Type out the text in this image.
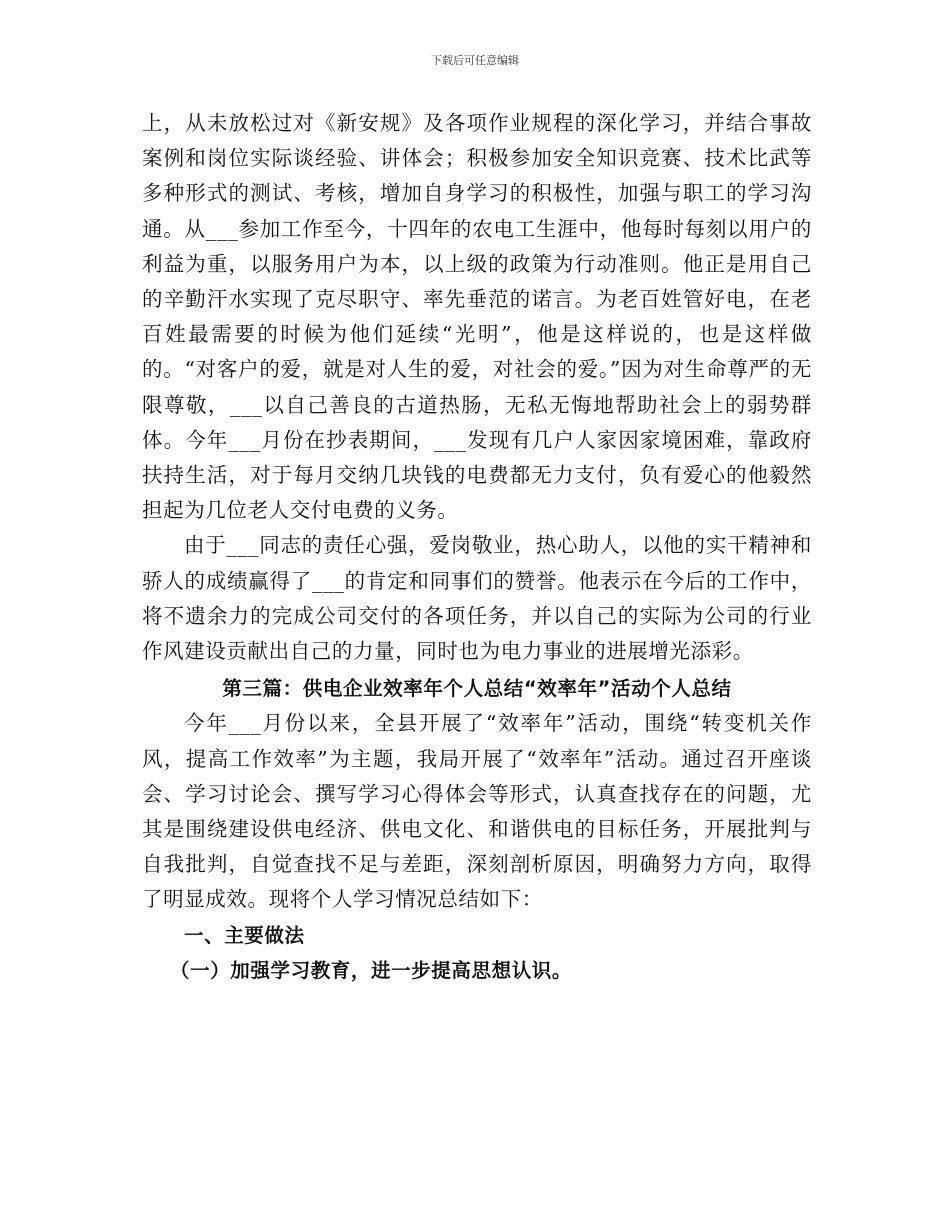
下载后可任意编辑

上，从未放松过对《新安规》及各项作业规程的深化学习，并结合事故案例和岗位实际谈经验、讲体会；积极参加安全知识竞赛、技术比武等多种形式的测试、考核，增加自身学习的积极性，加强与职工的学习沟通。从___参加工作至今，十四年的农电工生涯中，他每时每刻以用户的利益为重，以服务用户为本，以上级的政策为行动准则。他正是用自己的辛勤汗水实现了克尽职守、率先垂范的诺言。为老百姓管好电，在老百姓最需要的时候为他们延续“光明”，他是这样说的，也是这样做的。“对客户的爱，就是对人生的爱，对社会的爱。”因为对生命尊严的无限尊敬，___以自己善良的古道热肠，无私无悔地帮助社会上的弱势群体。今年___月份在抄表期间，___发现有几户人家因家境困难，靠政府扶持生活，对于每月交纳几块钱的电费都无力支付，负有爱心的他毅然担起为几位老人交付电费的义务。

由于___同志的责任心强，爱岗敬业，热心助人，以他的实干精神和骄人的成绩赢得了___的肯定和同事们的赞誉。他表示在今后的工作中，将不遗余力的完成公司交付的各项任务，并以自己的实际为公司的行业作风建设贡献出自己的力量，同时也为电力事业的进展增光添彩。

第三篇：供电企业效率年个人总结“效率年”活动个人总结

今年___月份以来，全县开展了“效率年”活动，围绕“转变机关作风，提高工作效率”为主题，我局开展了“效率年”活动。通过召开座谈会、学习讨论会、撰写学习心得体会等形式，认真查找存在的问题，尤其是围绕建设供电经济、供电文化、和谐供电的目标任务，开展批判与自我批判，自觉查找不足与差距，深刻剖析原因，明确努力方向，取得了明显成效。现将个人学习情况总结如下：

一、主要做法

（一）加强学习教育，进一步提高思想认识。
